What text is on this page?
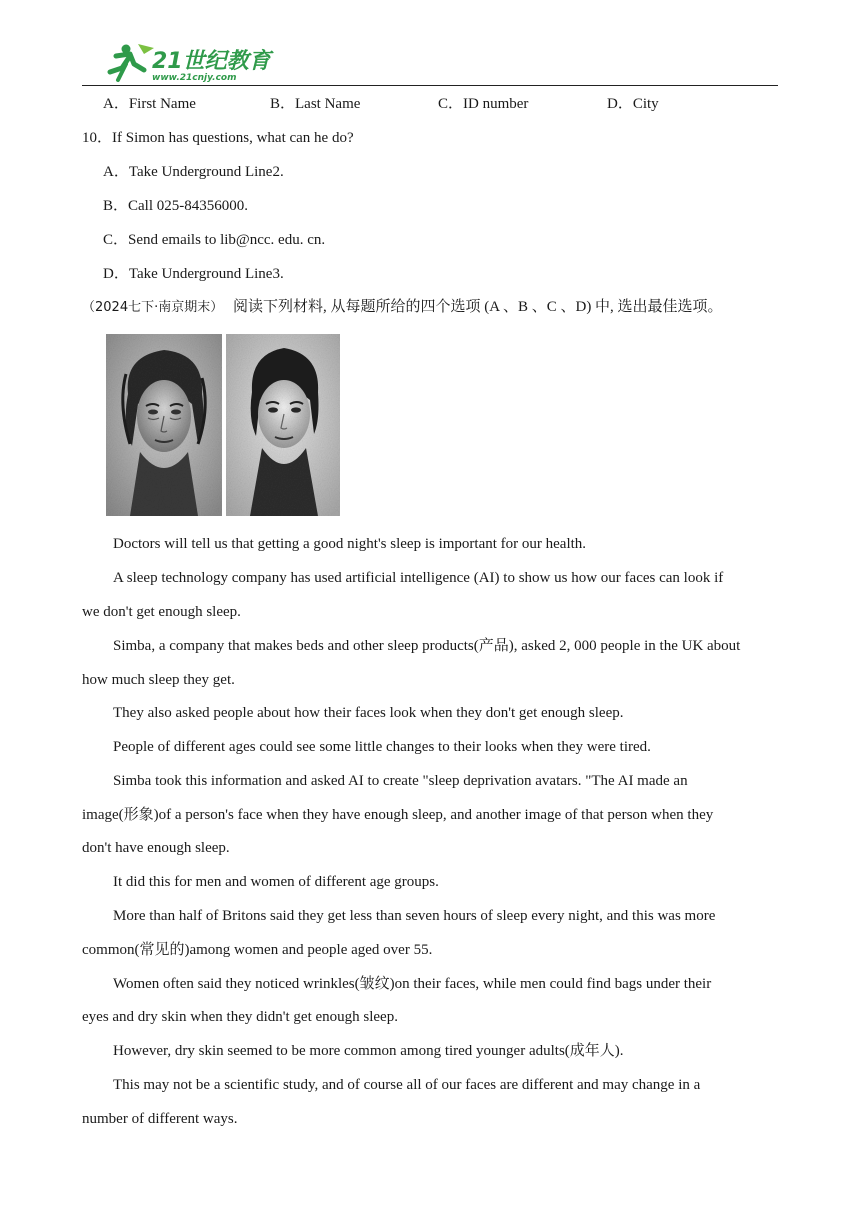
21世纪教育
www.21cnjy.com
A．First Name	B．Last Name	C．ID number	D．City
10．If Simon has questions, what can he do?
A．Take Underground Line2.
B．Call 025-84356000.
C．Send emails to lib@ncc. edu. cn.
D．Take Underground Line3.
（2024七下·南京期末） 阅读下列材料, 从每题所给的四个选项 (A 、B 、C 、D) 中, 选出最佳选项。
Doctors will tell us that getting a good night's sleep is important for our health.
A sleep technology company has used artificial intelligence (AI) to show us how our faces can look if
we don't get enough sleep.
Simba, a company that makes beds and other sleep products(产品), asked 2, 000 people in the UK about
how much sleep they get.
They also asked people about how their faces look when they don't get enough sleep.
People of different ages could see some little changes to their looks when they were tired.
Simba took this information and asked AI to create "sleep deprivation avatars. "The AI made an
image(形象)of a person's face when they have enough sleep, and another image of that person when they
don't have enough sleep.
It did this for men and women of different age groups.
More than half of Britons said they get less than seven hours of sleep every night, and this was more
common(常见的)among women and people aged over 55.
Women often said they noticed wrinkles(皱纹)on their faces, while men could find bags under their
eyes and dry skin when they didn't get enough sleep.
However, dry skin seemed to be more common among tired younger adults(成年人).
This may not be a scientific study, and of course all of our faces are different and may change in a
number of different ways.
